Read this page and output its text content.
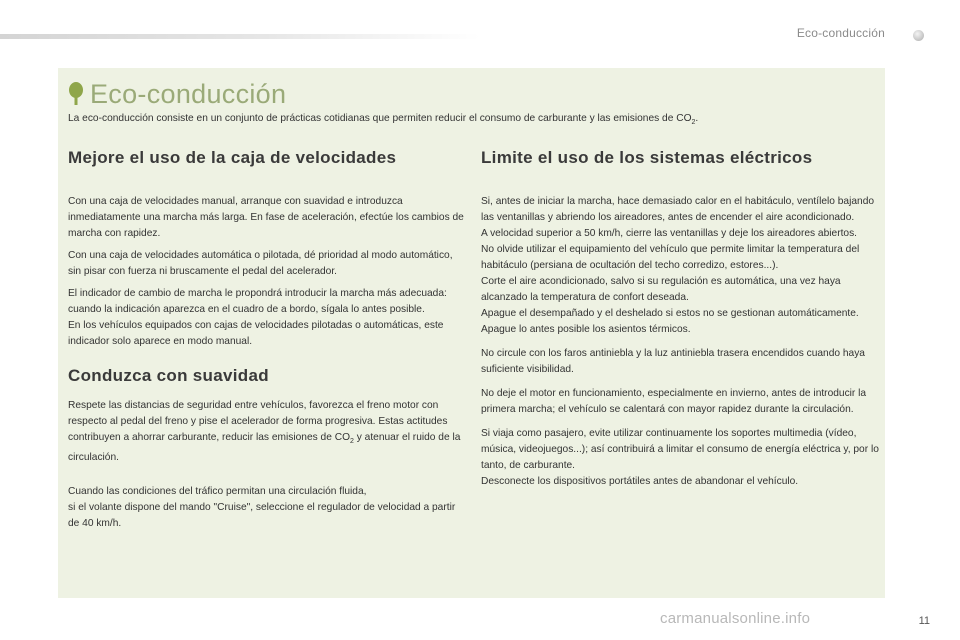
Eco-conducción
Eco-conducción
La eco-conducción consiste en un conjunto de prácticas cotidianas que permiten reducir el consumo de carburante y las emisiones de $CO_2$.
Mejore el uso de la caja de velocidades

Con una caja de velocidades manual, arranque con suavidad e introduzca inmediatamente una marcha más larga. En fase de aceleración, efectúe los cambios de marcha con rapidez.

Con una caja de velocidades automática o pilotada, dé prioridad al modo automático, sin pisar con fuerza ni bruscamente el pedal del acelerador.

El indicador de cambio de marcha le propondrá introducir la marcha más adecuada: cuando la indicación aparezca en el cuadro de a bordo, sígala lo antes posible.

En los vehículos equipados con cajas de velocidades pilotadas o automáticas, este indicador solo aparece en modo manual.

Conduzca con suavidad

Respete las distancias de seguridad entre vehículos, favorezca el freno motor con respecto al pedal del freno y pise el acelerador de forma progresiva. Estas actitudes contribuyen a ahorrar carburante, reducir las emisiones de $CO_2$ y atenuar el ruido de la circulación.

Cuando las condiciones del tráfico permitan una circulación fluida,

si el volante dispone del mando "Cruise", seleccione el regulador de velocidad a partir de 40 km/h.

Limite el uso de los sistemas eléctricos

Si, antes de iniciar la marcha, hace demasiado calor en el habitáculo, ventílelo bajando las ventanillas y abriendo los aireadores, antes de encender el aire acondicionado.

A velocidad superior a 50 km/h, cierre las ventanillas y deje los aireadores abiertos.

No olvide utilizar el equipamiento del vehículo que permite limitar la temperatura del habitáculo (persiana de ocultación del techo corredizo, estores...).

Corte el aire acondicionado, salvo si su regulación es automática, una vez haya alcanzado la temperatura de confort deseada.

Apague el desempañado y el deshelado si estos no se gestionan automáticamente.

Apague lo antes posible los asientos térmicos.

No circule con los faros antiniebla y la luz antiniebla trasera encendidos cuando haya suficiente visibilidad.

No deje el motor en funcionamiento, especialmente en invierno, antes de introducir la primera marcha; el vehículo se calentará con mayor rapidez durante la circulación.

Si viaja como pasajero, evite utilizar continuamente los soportes multimedia (vídeo, música, videojuegos...); así contribuirá a limitar el consumo de energía eléctrica y, por lo tanto, de carburante.

Desconecte los dispositivos portátiles antes de abandonar el vehículo.

carmanualsonline.info	11
